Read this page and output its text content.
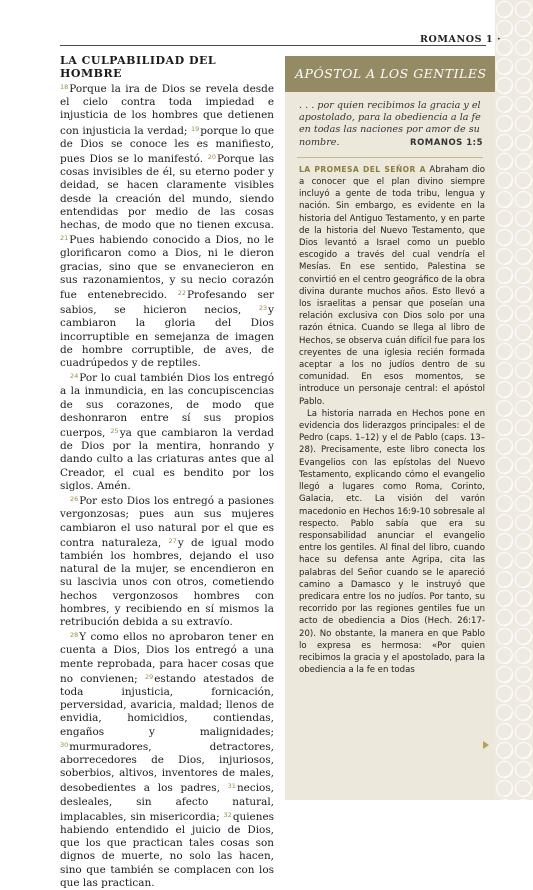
ROMANOS 1 ·
LA CULPABILIDAD DEL HOMBRE

$^{18}$Porque la ira de Dios se revela desde el cielo contra toda impiedad e injusticia de los hombres que detienen con injusticia la verdad; $^{19}$porque lo que de Dios se conoce les es manifiesto, pues Dios se lo manifestó. $^{20}$Porque las cosas invisibles de él, su eterno poder y deidad, se hacen claramente visibles desde la creación del mundo, siendo entendidas por medio de las cosas hechas, de modo que no tienen excusa. $^{21}$Pues habiendo conocido a Dios, no le glorificaron como a Dios, ni le dieron gracias, sino que se envanecieron en sus razonamientos, y su necio corazón fue entenebrecido. $^{22}$Profesando ser sabios, se hicieron necios, $^{23}$y cambiaron la gloria del Dios incorruptible en semejanza de imagen de hombre corruptible, de aves, de cuadrúpedos y de reptiles.

$^{24}$Por lo cual también Dios los entregó a la inmundicia, en las concupiscencias de sus corazones, de modo que deshonraron entre sí sus propios cuerpos, $^{25}$ya que cambiaron la verdad de Dios por la mentira, honrando y dando culto a las criaturas antes que al Creador, el cual es bendito por los siglos. Amén.

$^{26}$Por esto Dios los entregó a pasiones vergonzosas; pues aun sus mujeres cambiaron el uso natural por el que es contra naturaleza, $^{27}$y de igual modo también los hombres, dejando el uso natural de la mujer, se encendieron en su lascivia unos con otros, cometiendo hechos vergonzosos hombres con hombres, y recibiendo en sí mismos la retribución debida a su extravío.

$^{28}$Y como ellos no aprobaron tener en cuenta a Dios, Dios los entregó a una mente reprobada, para hacer cosas que no convienen; $^{29}$estando atestados de toda injusticia, fornicación, perversidad, avaricia, maldad; llenos de envidia, homicidios, contiendas, engaños y malignidades; $^{30}$murmuradores, detractores, aborrecedores de Dios, injuriosos, soberbios, altivos, inventores de males, desobedientes a los padres, $^{31}$necios, desleales, sin afecto natural, implacables, sin misericordia; $^{32}$quienes habiendo entendido el juicio de Dios, que los que practican tales cosas son dignos de muerte, no solo las hacen, sino que también se complacen con los que las practican.

APÓSTOL A LOS GENTILES
. . . por quien recibimos la gracia y el apostolado, para la obediencia a la fe en todas las naciones por amor de su nombre.	ROMANOS 1:5

LA PROMESA DEL SEÑOR A Abraham dio a conocer que el plan divino siempre incluyó a gente de toda tribu, lengua y nación. Sin embargo, es evidente en la historia del Antiguo Testamento, y en parte de la historia del Nuevo Testamento, que Dios levantó a Israel como un pueblo escogido a través del cual vendría el Mesías. En ese sentido, Palestina se convirtió en el centro geográfico de la obra divina durante muchos años. Esto llevó a los israelitas a pensar que poseían una relación exclusiva con Dios solo por una razón étnica. Cuando se llega al libro de Hechos, se observa cuán difícil fue para los creyentes de una iglesia recién formada aceptar a los no judíos dentro de su comunidad. En esos momentos, se introduce un personaje central: el apóstol Pablo.

La historia narrada en Hechos pone en evidencia dos liderazgos principales: el de Pedro (caps. 1–12) y el de Pablo (caps. 13–28). Precisamente, este libro conecta los Evangelios con las epístolas del Nuevo Testamento, explicando cómo el evangelio llegó a lugares como Roma, Corinto, Galacia, etc. La visión del varón macedonio en Hechos 16:9-10 sobresale al respecto. Pablo sabía que era su responsabilidad anunciar el evangelio entre los gentiles. Al final del libro, cuando hace su defensa ante Agripa, cita las palabras del Señor cuando se le apareció camino a Damasco y le instruyó que predicara entre los no judíos. Por tanto, su recorrido por las regiones gentiles fue un acto de obediencia a Dios (Hech. 26:17-20). No obstante, la manera en que Pablo lo expresa es hermosa: «Por quien recibimos la gracia y el apostolado, para la obediencia a la fe en todas
